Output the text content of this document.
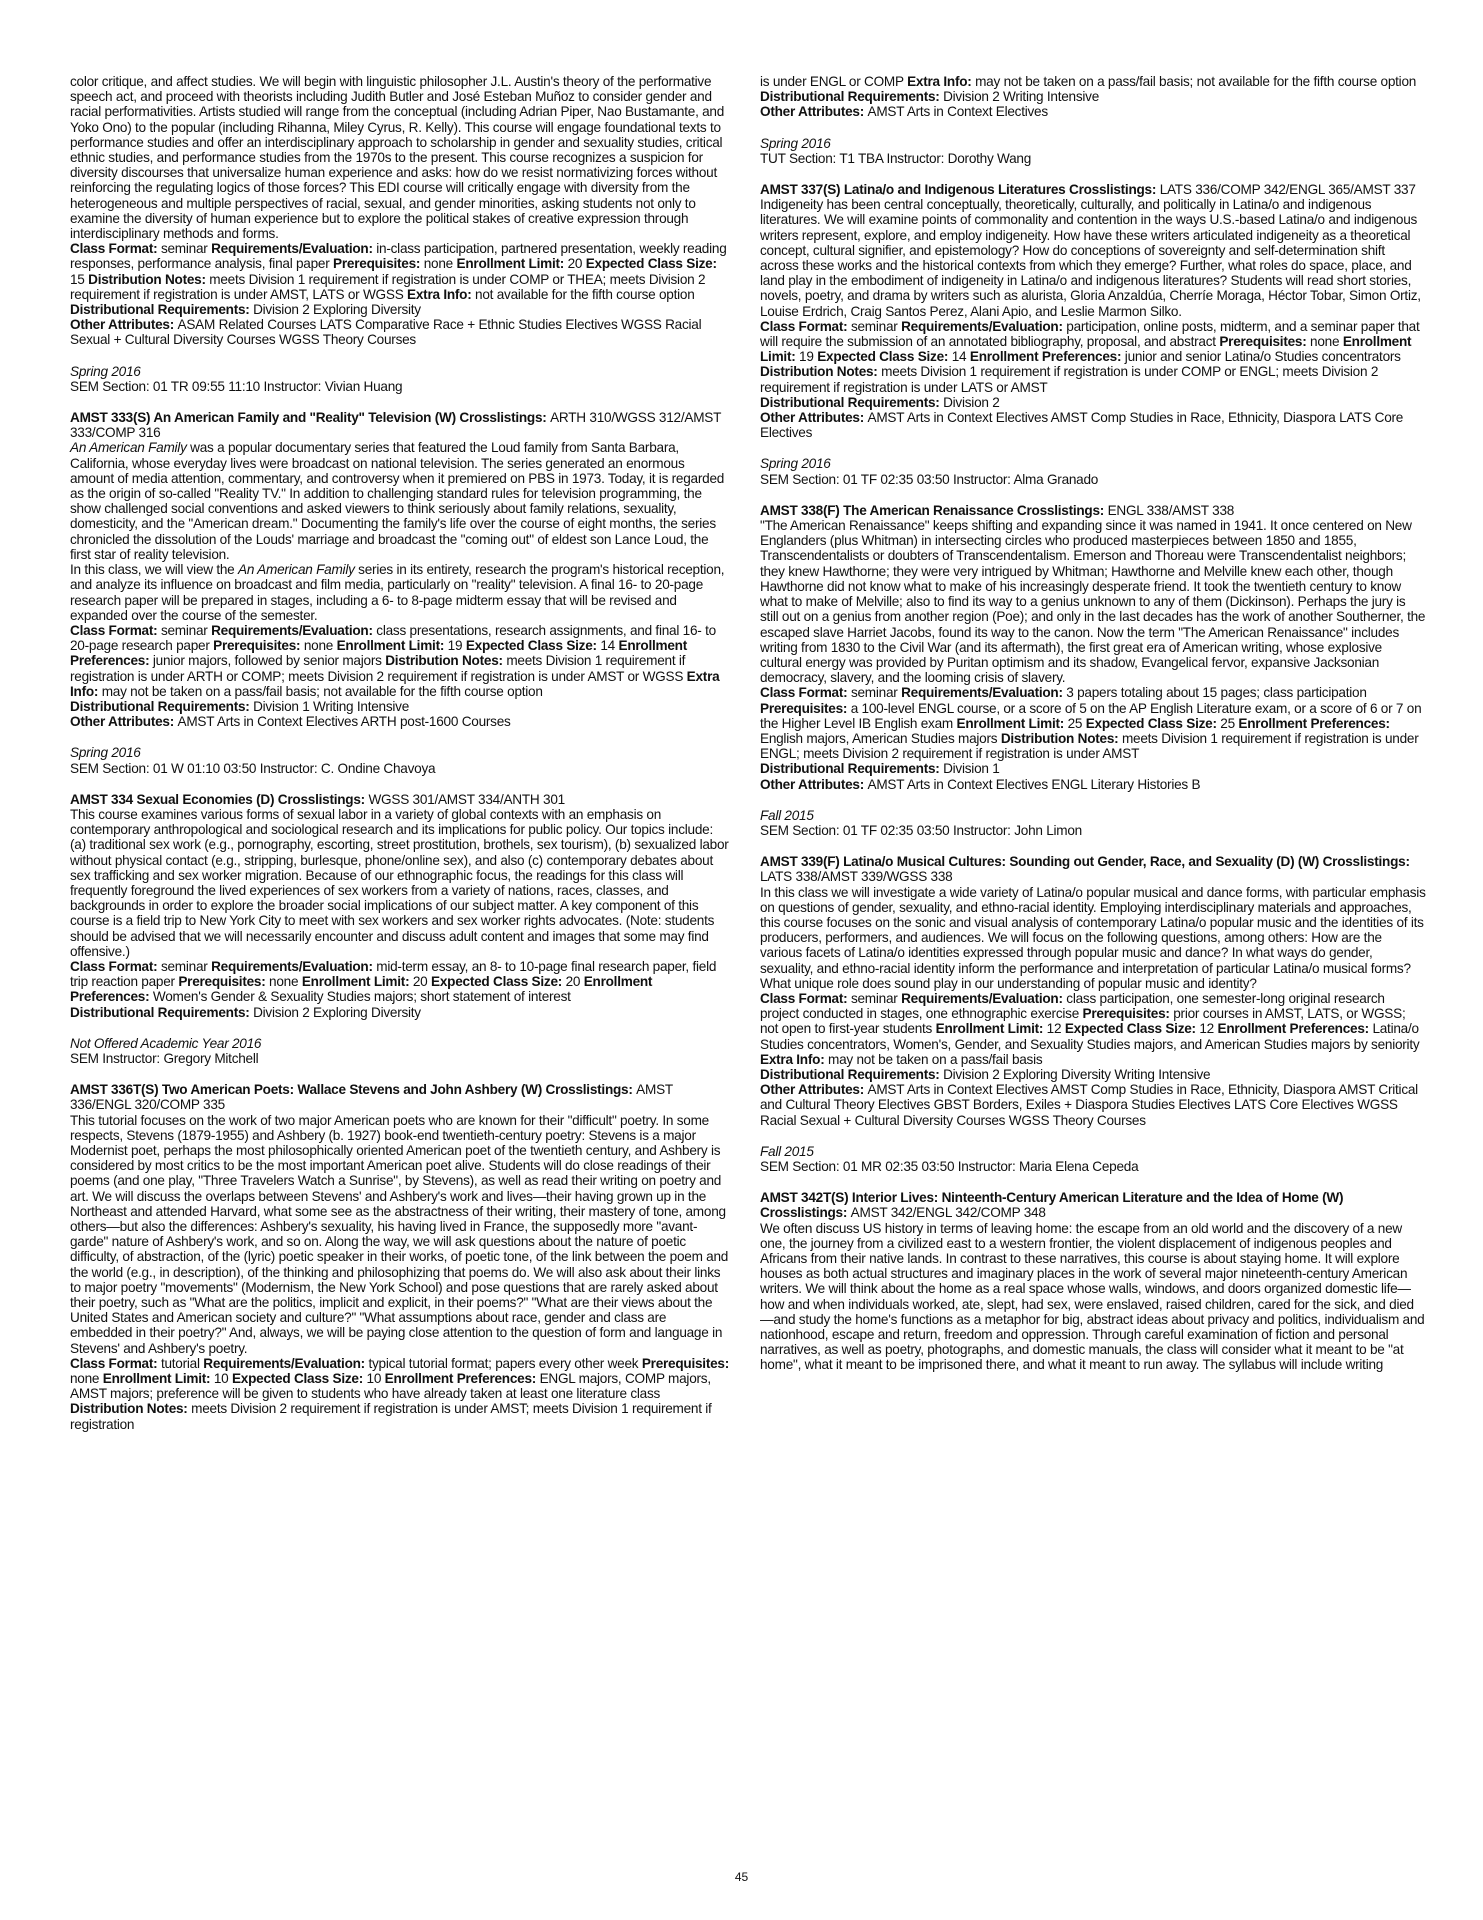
color critique, and affect studies. We will begin with linguistic philosopher J.L. Austin's theory of the performative speech act, and proceed with theorists including Judith Butler and José Esteban Muñoz to consider gender and racial performativities. Artists studied will range from the conceptual (including Adrian Piper, Nao Bustamante, and Yoko Ono) to the popular (including Rihanna, Miley Cyrus, R. Kelly). This course will engage foundational texts to performance studies and offer an interdisciplinary approach to scholarship in gender and sexuality studies, critical ethnic studies, and performance studies from the 1970s to the present. This course recognizes a suspicion for diversity discourses that universalize human experience and asks: how do we resist normativizing forces without reinforcing the regulating logics of those forces? This EDI course will critically engage with diversity from the heterogeneous and multiple perspectives of racial, sexual, and gender minorities, asking students not only to examine the diversity of human experience but to explore the political stakes of creative expression through interdisciplinary methods and forms.

Class Format: seminar Requirements/Evaluation: in-class participation, partnered presentation, weekly reading responses, performance analysis, final paper Prerequisites: none Enrollment Limit: 20 Expected Class Size: 15 Distribution Notes: meets Division 1 requirement if registration is under COMP or THEA; meets Division 2 requirement if registration is under AMST, LATS or WGSS Extra Info: not available for the fifth course option

Distributional Requirements: Division 2 Exploring Diversity

Other Attributes: ASAM Related Courses LATS Comparative Race + Ethnic Studies Electives WGSS Racial Sexual + Cultural Diversity Courses WGSS Theory Courses

Spring 2016

SEM Section: 01 TR 09:55 11:10 Instructor: Vivian Huang

AMST 333(S) An American Family and "Reality" Television (W) Crosslistings: ARTH 310/WGSS 312/AMST 333/COMP 316

An American Family was a popular documentary series that featured the Loud family from Santa Barbara, California, whose everyday lives were broadcast on national television. The series generated an enormous amount of media attention, commentary, and controversy when it premiered on PBS in 1973. Today, it is regarded as the origin of so-called "Reality TV." In addition to challenging standard rules for television programming, the show challenged social conventions and asked viewers to think seriously about family relations, sexuality, domesticity, and the "American dream." Documenting the family's life over the course of eight months, the series chronicled the dissolution of the Louds' marriage and broadcast the "coming out" of eldest son Lance Loud, the first star of reality television.

In this class, we will view the An American Family series in its entirety, research the program's historical reception, and analyze its influence on broadcast and film media, particularly on "reality" television. A final 16- to 20-page research paper will be prepared in stages, including a 6- to 8-page midterm essay that will be revised and expanded over the course of the semester.

Class Format: seminar Requirements/Evaluation: class presentations, research assignments, and final 16- to 20-page research paper Prerequisites: none Enrollment Limit: 19 Expected Class Size: 14 Enrollment Preferences: junior majors, followed by senior majors Distribution Notes: meets Division 1 requirement if registration is under ARTH or COMP; meets Division 2 requirement if registration is under AMST or WGSS Extra Info: may not be taken on a pass/fail basis; not available for the fifth course option

Distributional Requirements: Division 1 Writing Intensive

Other Attributes: AMST Arts in Context Electives ARTH post-1600 Courses

Spring 2016

SEM Section: 01 W 01:10 03:50 Instructor: C. Ondine Chavoya

AMST 334 Sexual Economies (D) Crosslistings: WGSS 301/AMST 334/ANTH 301

This course examines various forms of sexual labor in a variety of global contexts with an emphasis on contemporary anthropological and sociological research and its implications for public policy. Our topics include: (a) traditional sex work (e.g., pornography, escorting, street prostitution, brothels, sex tourism), (b) sexualized labor without physical contact (e.g., stripping, burlesque, phone/online sex), and also (c) contemporary debates about sex trafficking and sex worker migration. Because of our ethnographic focus, the readings for this class will frequently foreground the lived experiences of sex workers from a variety of nations, races, classes, and backgrounds in order to explore the broader social implications of our subject matter. A key component of this course is a field trip to New York City to meet with sex workers and sex worker rights advocates. (Note: students should be advised that we will necessarily encounter and discuss adult content and images that some may find offensive.)

Class Format: seminar Requirements/Evaluation: mid-term essay, an 8- to 10-page final research paper, field trip reaction paper Prerequisites: none Enrollment Limit: 20 Expected Class Size: 20 Enrollment Preferences: Women's Gender & Sexuality Studies majors; short statement of interest

Distributional Requirements: Division 2 Exploring Diversity

Not Offered Academic Year 2016

SEM Instructor: Gregory Mitchell

AMST 336T(S) Two American Poets: Wallace Stevens and John Ashbery (W) Crosslistings: AMST 336/ENGL 320/COMP 335

This tutorial focuses on the work of two major American poets who are known for their "difficult" poetry. In some respects, Stevens (1879-1955) and Ashbery (b. 1927) book-end twentieth-century poetry: Stevens is a major Modernist poet, perhaps the most philosophically oriented American poet of the twentieth century, and Ashbery is considered by most critics to be the most important American poet alive. Students will do close readings of their poems (and one play, "Three Travelers Watch a Sunrise", by Stevens), as well as read their writing on poetry and art. We will discuss the overlaps between Stevens' and Ashbery's work and lives—their having grown up in the Northeast and attended Harvard, what some see as the abstractness of their writing, their mastery of tone, among others—but also the differences: Ashbery's sexuality, his having lived in France, the supposedly more "avant-garde" nature of Ashbery's work, and so on. Along the way, we will ask questions about the nature of poetic difficulty, of abstraction, of the (lyric) poetic speaker in their works, of poetic tone, of the link between the poem and the world (e.g., in description), of the thinking and philosophizing that poems do. We will also ask about their links to major poetry "movements" (Modernism, the New York School) and pose questions that are rarely asked about their poetry, such as "What are the politics, implicit and explicit, in their poems?" "What are their views about the United States and American society and culture?" "What assumptions about race, gender and class are embedded in their poetry?" And, always, we will be paying close attention to the question of form and language in Stevens' and Ashbery's poetry.

Class Format: tutorial Requirements/Evaluation: typical tutorial format; papers every other week Prerequisites: none Enrollment Limit: 10 Expected Class Size: 10 Enrollment Preferences: ENGL majors, COMP majors, AMST majors; preference will be given to students who have already taken at least one literature class Distribution Notes: meets Division 2 requirement if registration is under AMST; meets Division 1 requirement if registration

is under ENGL or COMP Extra Info: may not be taken on a pass/fail basis; not available for the fifth course option

Distributional Requirements: Division 2 Writing Intensive

Other Attributes: AMST Arts in Context Electives

Spring 2016

TUT Section: T1 TBA Instructor: Dorothy Wang

AMST 337(S) Latina/o and Indigenous Literatures Crosslistings: LATS 336/COMP 342/ENGL 365/AMST 337

Indigeneity has been central conceptually, theoretically, culturally, and politically in Latina/o and indigenous literatures. We will examine points of commonality and contention in the ways U.S.-based Latina/o and indigenous writers represent, explore, and employ indigeneity. How have these writers articulated indigeneity as a theoretical concept, cultural signifier, and epistemology? How do conceptions of sovereignty and self-determination shift across these works and the historical contexts from which they emerge? Further, what roles do space, place, and land play in the embodiment of indigeneity in Latina/o and indigenous literatures? Students will read short stories, novels, poetry, and drama by writers such as alurista, Gloria Anzaldúa, Cherríe Moraga, Héctor Tobar, Simon Ortiz, Louise Erdrich, Craig Santos Perez, Alani Apio, and Leslie Marmon Silko.

Class Format: seminar Requirements/Evaluation: participation, online posts, midterm, and a seminar paper that will require the submission of an annotated bibliography, proposal, and abstract Prerequisites: none Enrollment Limit: 19 Expected Class Size: 14 Enrollment Preferences: junior and senior Latina/o Studies concentrators Distribution Notes: meets Division 1 requirement if registration is under COMP or ENGL; meets Division 2 requirement if registration is under LATS or AMST

Distributional Requirements: Division 2

Other Attributes: AMST Arts in Context Electives AMST Comp Studies in Race, Ethnicity, Diaspora LATS Core Electives

Spring 2016

SEM Section: 01 TF 02:35 03:50 Instructor: Alma Granado

AMST 338(F) The American Renaissance Crosslistings: ENGL 338/AMST 338

"The American Renaissance" keeps shifting and expanding since it was named in 1941. It once centered on New Englanders (plus Whitman) in intersecting circles who produced masterpieces between 1850 and 1855, Transcendentalists or doubters of Transcendentalism. Emerson and Thoreau were Transcendentalist neighbors; they knew Hawthorne; they were very intrigued by Whitman; Hawthorne and Melville knew each other, though Hawthorne did not know what to make of his increasingly desperate friend. It took the twentieth century to know what to make of Melville; also to find its way to a genius unknown to any of them (Dickinson). Perhaps the jury is still out on a genius from another region (Poe); and only in the last decades has the work of another Southerner, the escaped slave Harriet Jacobs, found its way to the canon. Now the term "The American Renaissance" includes writing from 1830 to the Civil War (and its aftermath), the first great era of American writing, whose explosive cultural energy was provided by Puritan optimism and its shadow, Evangelical fervor, expansive Jacksonian democracy, slavery, and the looming crisis of slavery.

Class Format: seminar Requirements/Evaluation: 3 papers totaling about 15 pages; class participation Prerequisites: a 100-level ENGL course, or a score of 5 on the AP English Literature exam, or a score of 6 or 7 on the Higher Level IB English exam Enrollment Limit: 25 Expected Class Size: 25 Enrollment Preferences: English majors, American Studies majors Distribution Notes: meets Division 1 requirement if registration is under ENGL; meets Division 2 requirement if registration is under AMST

Distributional Requirements: Division 1

Other Attributes: AMST Arts in Context Electives ENGL Literary Histories B

Fall 2015

SEM Section: 01 TF 02:35 03:50 Instructor: John Limon

AMST 339(F) Latina/o Musical Cultures: Sounding out Gender, Race, and Sexuality (D) (W) Crosslistings: LATS 338/AMST 339/WGSS 338

In this class we will investigate a wide variety of Latina/o popular musical and dance forms, with particular emphasis on questions of gender, sexuality, and ethno-racial identity. Employing interdisciplinary materials and approaches, this course focuses on the sonic and visual analysis of contemporary Latina/o popular music and the identities of its producers, performers, and audiences. We will focus on the following questions, among others: How are the various facets of Latina/o identities expressed through popular music and dance? In what ways do gender, sexuality, and ethno-racial identity inform the performance and interpretation of particular Latina/o musical forms? What unique role does sound play in our understanding of popular music and identity?

Class Format: seminar Requirements/Evaluation: class participation, one semester-long original research project conducted in stages, one ethnographic exercise Prerequisites: prior courses in AMST, LATS, or WGSS; not open to first-year students Enrollment Limit: 12 Expected Class Size: 12 Enrollment Preferences: Latina/o Studies concentrators, Women's, Gender, and Sexuality Studies majors, and American Studies majors by seniority Extra Info: may not be taken on a pass/fail basis

Distributional Requirements: Division 2 Exploring Diversity Writing Intensive

Other Attributes: AMST Arts in Context Electives AMST Comp Studies in Race, Ethnicity, Diaspora AMST Critical and Cultural Theory Electives GBST Borders, Exiles + Diaspora Studies Electives LATS Core Electives WGSS Racial Sexual + Cultural Diversity Courses WGSS Theory Courses

Fall 2015

SEM Section: 01 MR 02:35 03:50 Instructor: Maria Elena Cepeda

AMST 342T(S) Interior Lives: Ninteenth-Century American Literature and the Idea of Home (W) Crosslistings: AMST 342/ENGL 342/COMP 348

We often discuss US history in terms of leaving home: the escape from an old world and the discovery of a new one, the journey from a civilized east to a western frontier, the violent displacement of indigenous peoples and Africans from their native lands. In contrast to these narratives, this course is about staying home. It will explore houses as both actual structures and imaginary places in the work of several major nineteenth-century American writers. We will think about the home as a real space whose walls, windows, and doors organized domestic life— how and when individuals worked, ate, slept, had sex, were enslaved, raised children, cared for the sick, and died—and study the home's functions as a metaphor for big, abstract ideas about privacy and politics, individualism and nationhood, escape and return, freedom and oppression. Through careful examination of fiction and personal narratives, as well as poetry, photographs, and domestic manuals, the class will consider what it meant to be "at home", what it meant to be imprisoned there, and what it meant to run away. The syllabus will include writing

45
